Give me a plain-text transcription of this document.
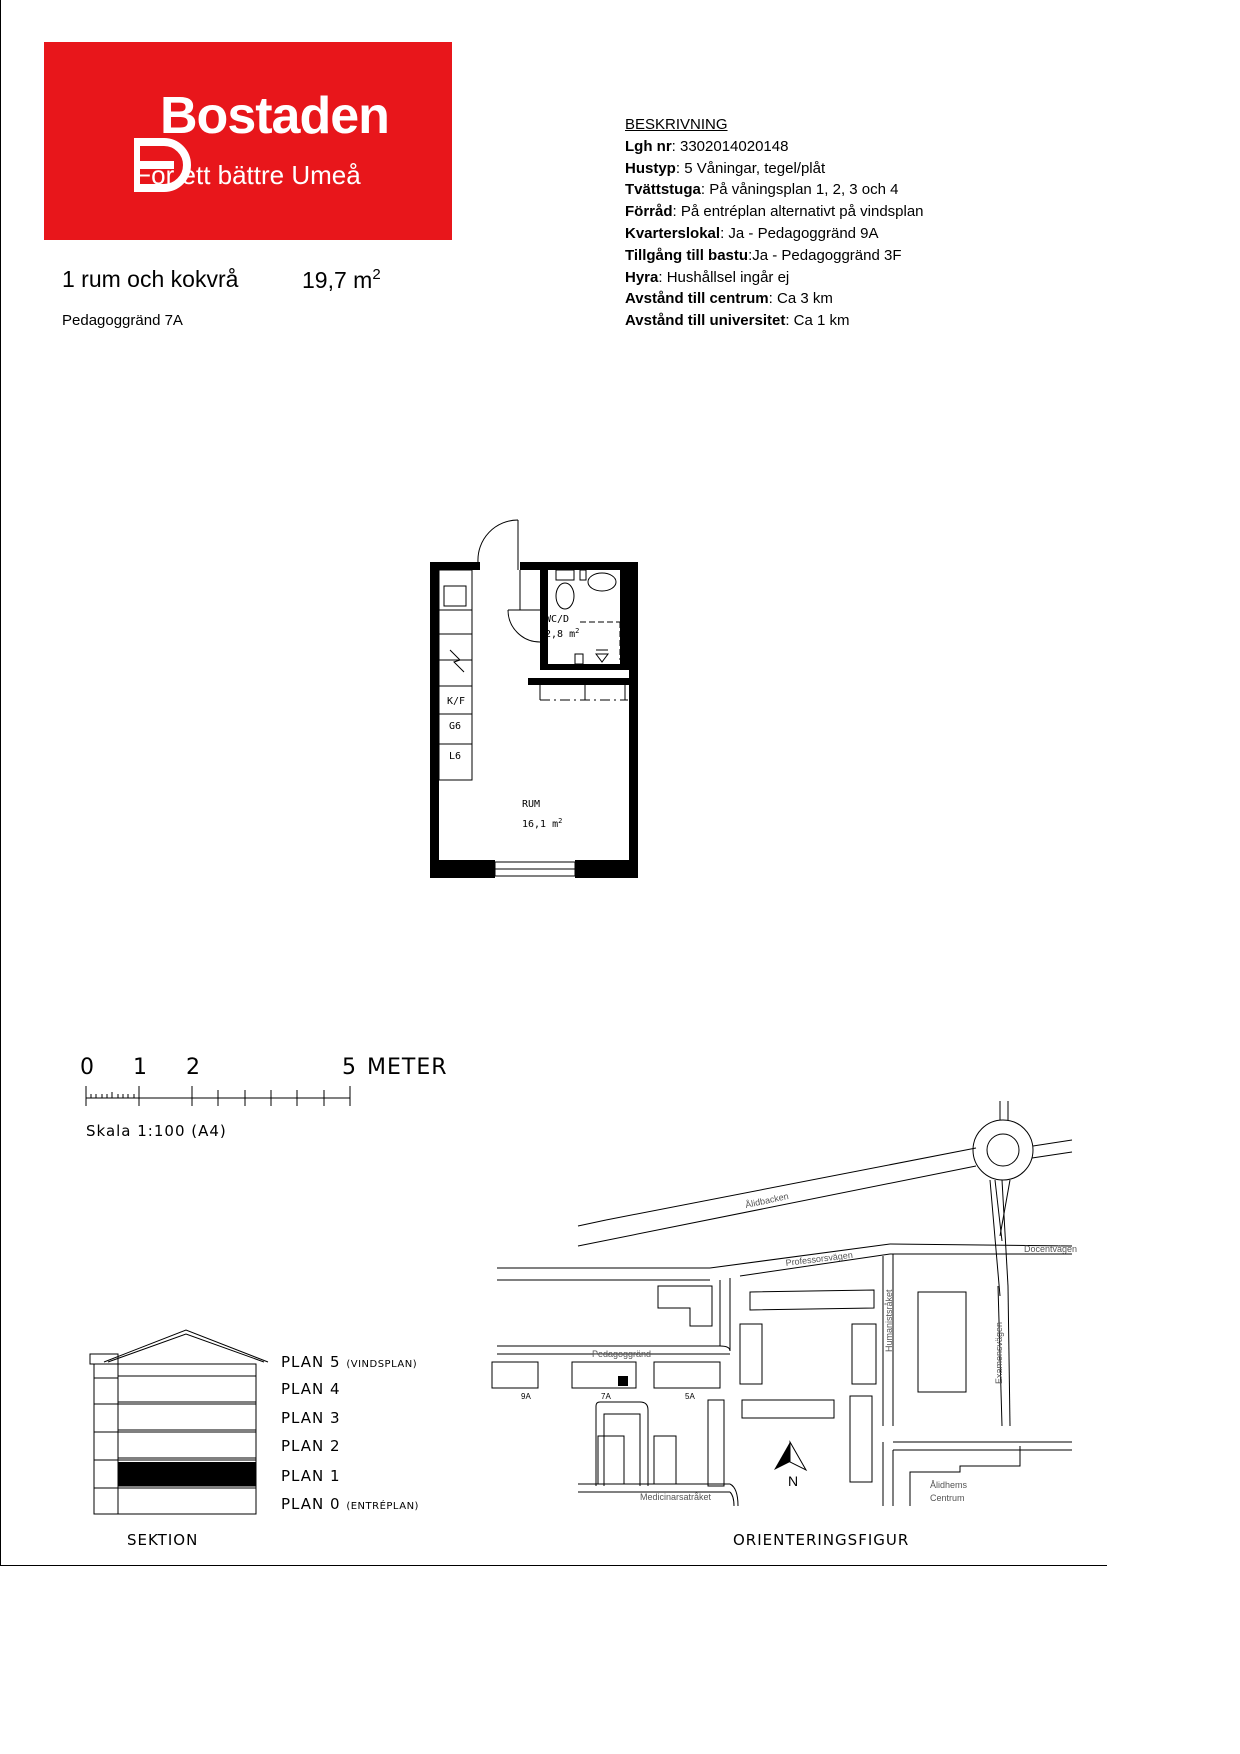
Bostaden
För ett bättre Umeå
1 rum och kokvrå	19,7 $m^2$
Pedagoggränd 7A
BESKRIVNING
Lgh nr: 3302014020148
Hustyp: 5 Våningar, tegel/plåt
Tvättstuga: På våningsplan 1, 2, 3 och 4
Förråd: På entréplan alternativt på vindsplan
Kvarterslokal: Ja - Pedagoggränd 9A
Tillgång till bastu:Ja - Pedagoggränd 3F
Hyra: Hushållsel ingår ej
Avstånd till centrum: Ca 3 km
Avstånd till universitet: Ca 1 km
WC/D
2,8 $m^2$
K/F
G6
L6
RUM
16,1 $m^2$
0 1 2	5 METER
Skala 1:100 (A4)
PLAN 5 (VINDSPLAN)
PLAN 4
PLAN 3
PLAN 2
PLAN 1
PLAN 0 (ENTRÉPLAN)
SEKTION
N
Ålidbacken
Professorsvägen
Docentvägen
Humanistsråket
Examensvägen
Pedagoggränd
Medicinarsatråket
Ålidhems
Centrum
9A	7A	5A
ORIENTERINGSFIGUR
